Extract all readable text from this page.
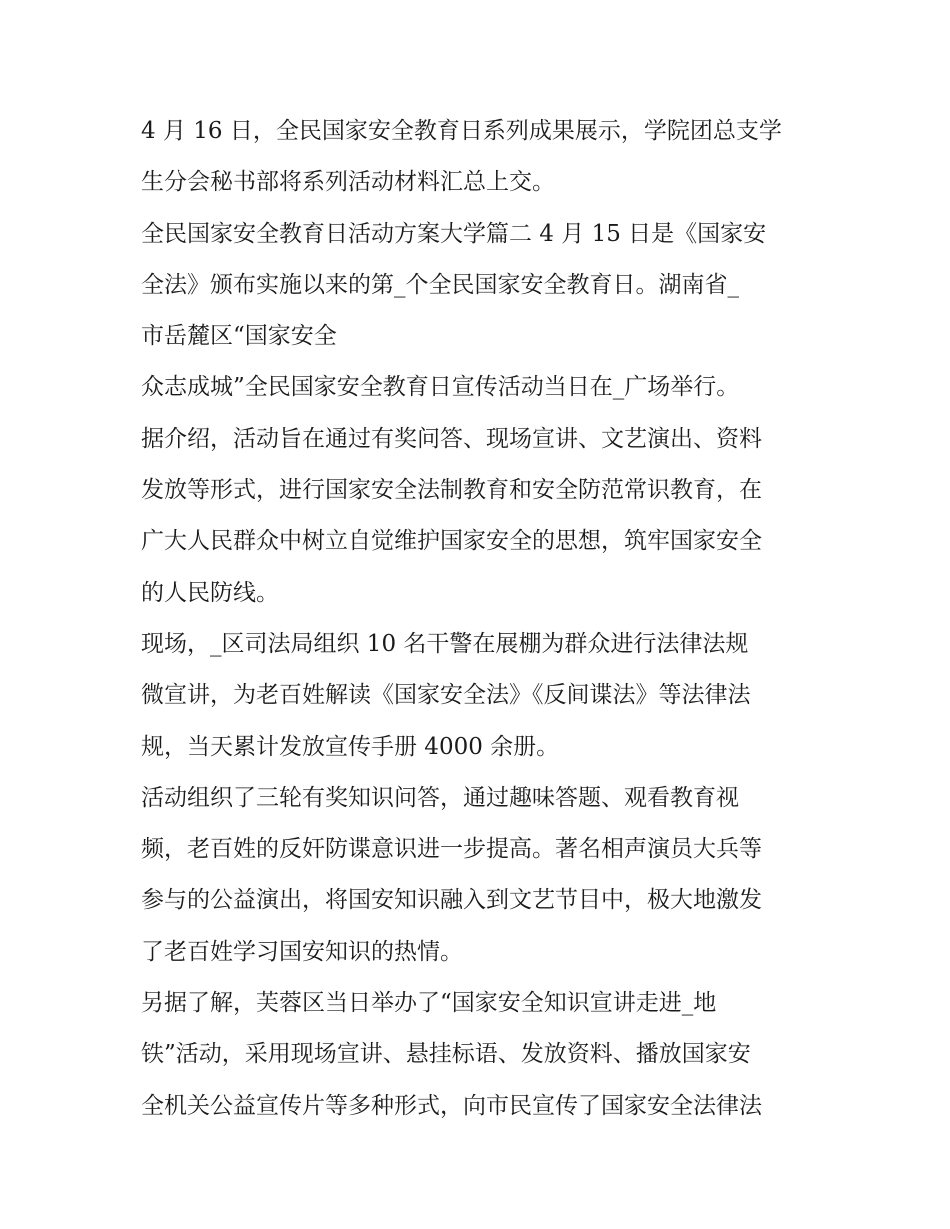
4 月 16 日，全民国家安全教育日系列成果展示，学院团总支学
生分会秘书部将系列活动材料汇总上交。
全民国家安全教育日活动方案大学篇二 4 月 15 日是《国家安
全法》颁布实施以来的第_个全民国家安全教育日。湖南省_
市岳麓区“国家安全
众志成城”全民国家安全教育日宣传活动当日在_广场举行。
据介绍，活动旨在通过有奖问答、现场宣讲、文艺演出、资料
发放等形式，进行国家安全法制教育和安全防范常识教育，在
广大人民群众中树立自觉维护国家安全的思想，筑牢国家安全
的人民防线。
现场，_区司法局组织 10 名干警在展棚为群众进行法律法规
微宣讲，为老百姓解读《国家安全法》《反间谍法》等法律法
规，当天累计发放宣传手册 4000 余册。
活动组织了三轮有奖知识问答，通过趣味答题、观看教育视
频，老百姓的反奸防谍意识进一步提高。著名相声演员大兵等
参与的公益演出，将国安知识融入到文艺节目中，极大地激发
了老百姓学习国安知识的热情。
另据了解，芙蓉区当日举办了“国家安全知识宣讲走进_地
铁”活动，采用现场宣讲、悬挂标语、发放资料、播放国家安
全机关公益宣传片等多种形式，向市民宣传了国家安全法律法
